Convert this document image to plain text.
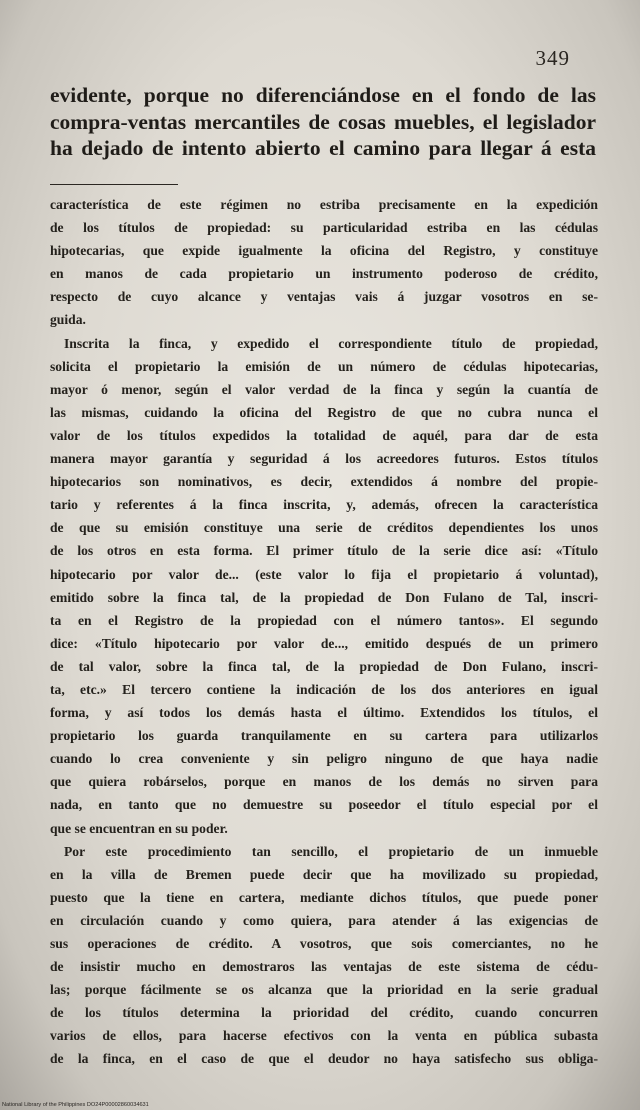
349
evidente, porque no diferenciándose en el fondo de las
compra-ventas mercantiles de cosas muebles, el legislador
ha dejado de intento abierto el camino para llegar á esta
característica de este régimen no estriba precisamente en la expedición
de los títulos de propiedad: su particularidad estriba en las cédulas
hipotecarias, que expide igualmente la oficina del Registro, y constituye
en manos de cada propietario un instrumento poderoso de crédito,
respecto de cuyo alcance y ventajas vais á juzgar vosotros en se-
guida.
Inscrita la finca, y expedido el correspondiente título de propiedad,
solicita el propietario la emisión de un número de cédulas hipotecarias,
mayor ó menor, según el valor verdad de la finca y según la cuantía de
las mismas, cuidando la oficina del Registro de que no cubra nunca el
valor de los títulos expedidos la totalidad de aquél, para dar de esta
manera mayor garantía y seguridad á los acreedores futuros. Estos títulos
hipotecarios son nominativos, es decir, extendidos á nombre del propie-
tario y referentes á la finca inscrita, y, además, ofrecen la característica
de que su emisión constituye una serie de créditos dependientes los unos
de los otros en esta forma. El primer título de la serie dice así: «Título
hipotecario por valor de... (este valor lo fija el propietario á voluntad),
emitido sobre la finca tal, de la propiedad de Don Fulano de Tal, inscri-
ta en el Registro de la propiedad con el número tantos». El segundo
dice: «Título hipotecario por valor de..., emitido después de un primero
de tal valor, sobre la finca tal, de la propiedad de Don Fulano, inscri-
ta, etc.» El tercero contiene la indicación de los dos anteriores en igual
forma, y así todos los demás hasta el último. Extendidos los títulos, el
propietario los guarda tranquilamente en su cartera para utilizarlos
cuando lo crea conveniente y sin peligro ninguno de que haya nadie
que quiera robárselos, porque en manos de los demás no sirven para
nada, en tanto que no demuestre su poseedor el título especial por el
que se encuentran en su poder.
Por este procedimiento tan sencillo, el propietario de un inmueble
en la villa de Bremen puede decir que ha movilizado su propiedad,
puesto que la tiene en cartera, mediante dichos títulos, que puede poner
en circulación cuando y como quiera, para atender á las exigencias de
sus operaciones de crédito. A vosotros, que sois comerciantes, no he
de insistir mucho en demostraros las ventajas de este sistema de cédu-
las; porque fácilmente se os alcanza que la prioridad en la serie gradual
de los títulos determina la prioridad del crédito, cuando concurren
varios de ellos, para hacerse efectivos con la venta en pública subasta
de la finca, en el caso de que el deudor no haya satisfecho sus obliga-
National Library of the Philippines DO24P00002860034631
